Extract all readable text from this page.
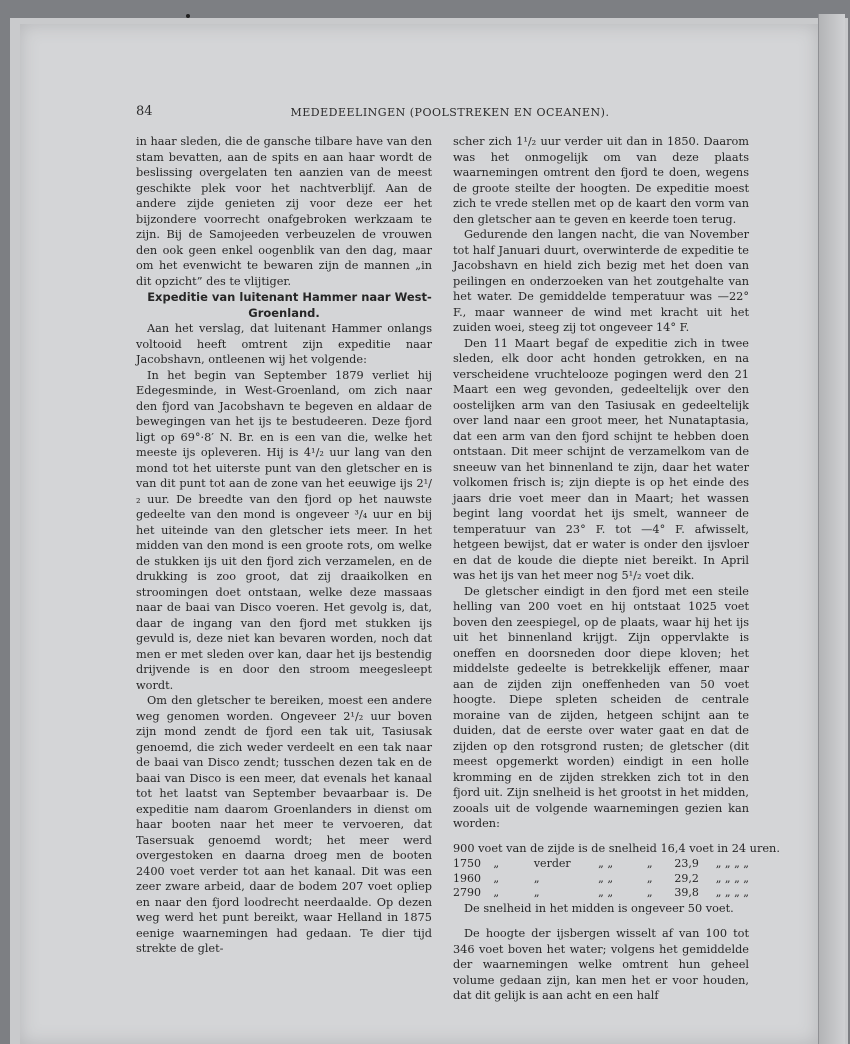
84	MEDEDEELINGEN (POOLSTREKEN EN OCEANEN).

in haar sleden, die de gansche tilbare have van den stam bevatten, aan de spits en aan haar wordt de beslissing overgelaten ten aanzien van de meest geschikte plek voor het nachtverblijf. Aan de andere zijde genieten zij voor deze eer het bijzondere voorrecht onafgebroken werkzaam te zijn. Bij de Samojeeden verbeuzelen de vrouwen den ook geen enkel oogenblik van den dag, maar om het evenwicht te bewaren zijn de mannen „in dit opzicht” des te vlijtiger.

Expeditie van luitenant Hammer naar West-Groenland.

Aan het verslag, dat luitenant Hammer onlangs voltooid heeft omtrent zijn expeditie naar Jacobshavn, ontleenen wij het volgende:

In het begin van September 1879 verliet hij Edegesminde, in West-Groenland, om zich naar den fjord van Jacobshavn te begeven en aldaar de bewegingen van het ijs te bestudeeren. Deze fjord ligt op 69°·8′ N. Br. en is een van die, welke het meeste ijs opleveren. Hij is 4¹/₂ uur lang van den mond tot het uiterste punt van den gletscher en is van dit punt tot aan de zone van het eeuwige ijs 2¹/₂ uur. De breedte van den fjord op het nauwste gedeelte van den mond is ongeveer ³/₄ uur en bij het uiteinde van den gletscher iets meer. In het midden van den mond is een groote rots, om welke de stukken ijs uit den fjord zich verzamelen, en de drukking is zoo groot, dat zij draaikolken en stroomingen doet ontstaan, welke deze massaas naar de baai van Disco voeren. Het gevolg is, dat, daar de ingang van den fjord met stukken ijs gevuld is, deze niet kan bevaren worden, noch dat men er met sleden over kan, daar het ijs bestendig drijvende is en door den stroom meegesleept wordt.

Om den gletscher te bereiken, moest een andere weg genomen worden. Ongeveer 2¹/₂ uur boven zijn mond zendt de fjord een tak uit, Tasiusak genoemd, die zich weder verdeelt en een tak naar de baai van Disco zendt; tusschen dezen tak en de baai van Disco is een meer, dat evenals het kanaal tot het laatst van September bevaarbaar is. De expeditie nam daarom Groenlanders in dienst om haar booten naar het meer te vervoeren, dat Tasersuak genoemd wordt; het meer werd overgestoken en daarna droeg men de booten 2400 voet verder tot aan het kanaal. Dit was een zeer zware arbeid, daar de bodem 207 voet opliep en naar den fjord loodrecht neerdaalde. Op dezen weg werd het punt bereikt, waar Helland in 1875 eenige waarnemingen had gedaan. Te dier tijd strekte de glet-

scher zich 1¹/₂ uur verder uit dan in 1850. Daarom was het onmogelijk om van deze plaats waarnemingen omtrent den fjord te doen, wegens de groote steilte der hoogten. De expeditie moest zich te vrede stellen met op de kaart den vorm van den gletscher aan te geven en keerde toen terug.

Gedurende den langen nacht, die van November tot half Januari duurt, overwinterde de expeditie te Jacobshavn en hield zich bezig met het doen van peilingen en onderzoeken van het zoutgehalte van het water. De gemiddelde temperatuur was —22° F., maar wanneer de wind met kracht uit het zuiden woei, steeg zij tot ongeveer 14° F.

Den 11 Maart begaf de expeditie zich in twee sleden, elk door acht honden getrokken, en na verscheidene vruchtelooze pogingen werd den 21 Maart een weg gevonden, gedeeltelijk over den oostelijken arm van den Tasiusak en gedeeltelijk over land naar een groot meer, het Nunataptasia, dat een arm van den fjord schijnt te hebben doen ontstaan. Dit meer schijnt de verzamelkom van de sneeuw van het binnenland te zijn, daar het water volkomen frisch is; zijn diepte is op het einde des jaars drie voet meer dan in Maart; het wassen begint lang voordat het ijs smelt, wanneer de temperatuur van 23° F. tot —4° F. afwisselt, hetgeen bewijst, dat er water is onder den ijsvloer en dat de koude die diepte niet bereikt. In April was het ijs van het meer nog 5¹/₂ voet dik.

De gletscher eindigt in den fjord met een steile helling van 200 voet en hij ontstaat 1025 voet boven den zeespiegel, op de plaats, waar hij het ijs uit het binnenland krijgt. Zijn oppervlakte is oneffen en doorsneden door diepe kloven; het middelste gedeelte is betrekkelijk effener, maar aan de zijden zijn oneffenheden van 50 voet hoogte. Diepe spleten scheiden de centrale moraine van de zijden, hetgeen schijnt aan te duiden, dat de eerste over water gaat en dat de zijden op den rotsgrond rusten; de gletscher (dit meest opgemerkt worden) eindigt in een holle kromming en de zijden strekken zich tot in den fjord uit. Zijn snelheid is het grootst in het midden, zooals uit de volgende waarnemingen gezien kan worden:

900 voet van de zijde is de snelheid 16,4 voet in 24 uren.
1750	„	verder	„ „	„	23,9	„ „ „ „
1960	„	„	„ „	„	29,2	„ „ „ „
2790	„	„	„ „	„	39,8	„ „ „ „

De snelheid in het midden is ongeveer 50 voet.

De hoogte der ijsbergen wisselt af van 100 tot 346 voet boven het water; volgens het gemiddelde der waarnemingen welke omtrent hun geheel volume gedaan zijn, kan men het er voor houden, dat dit gelijk is aan acht en een half
